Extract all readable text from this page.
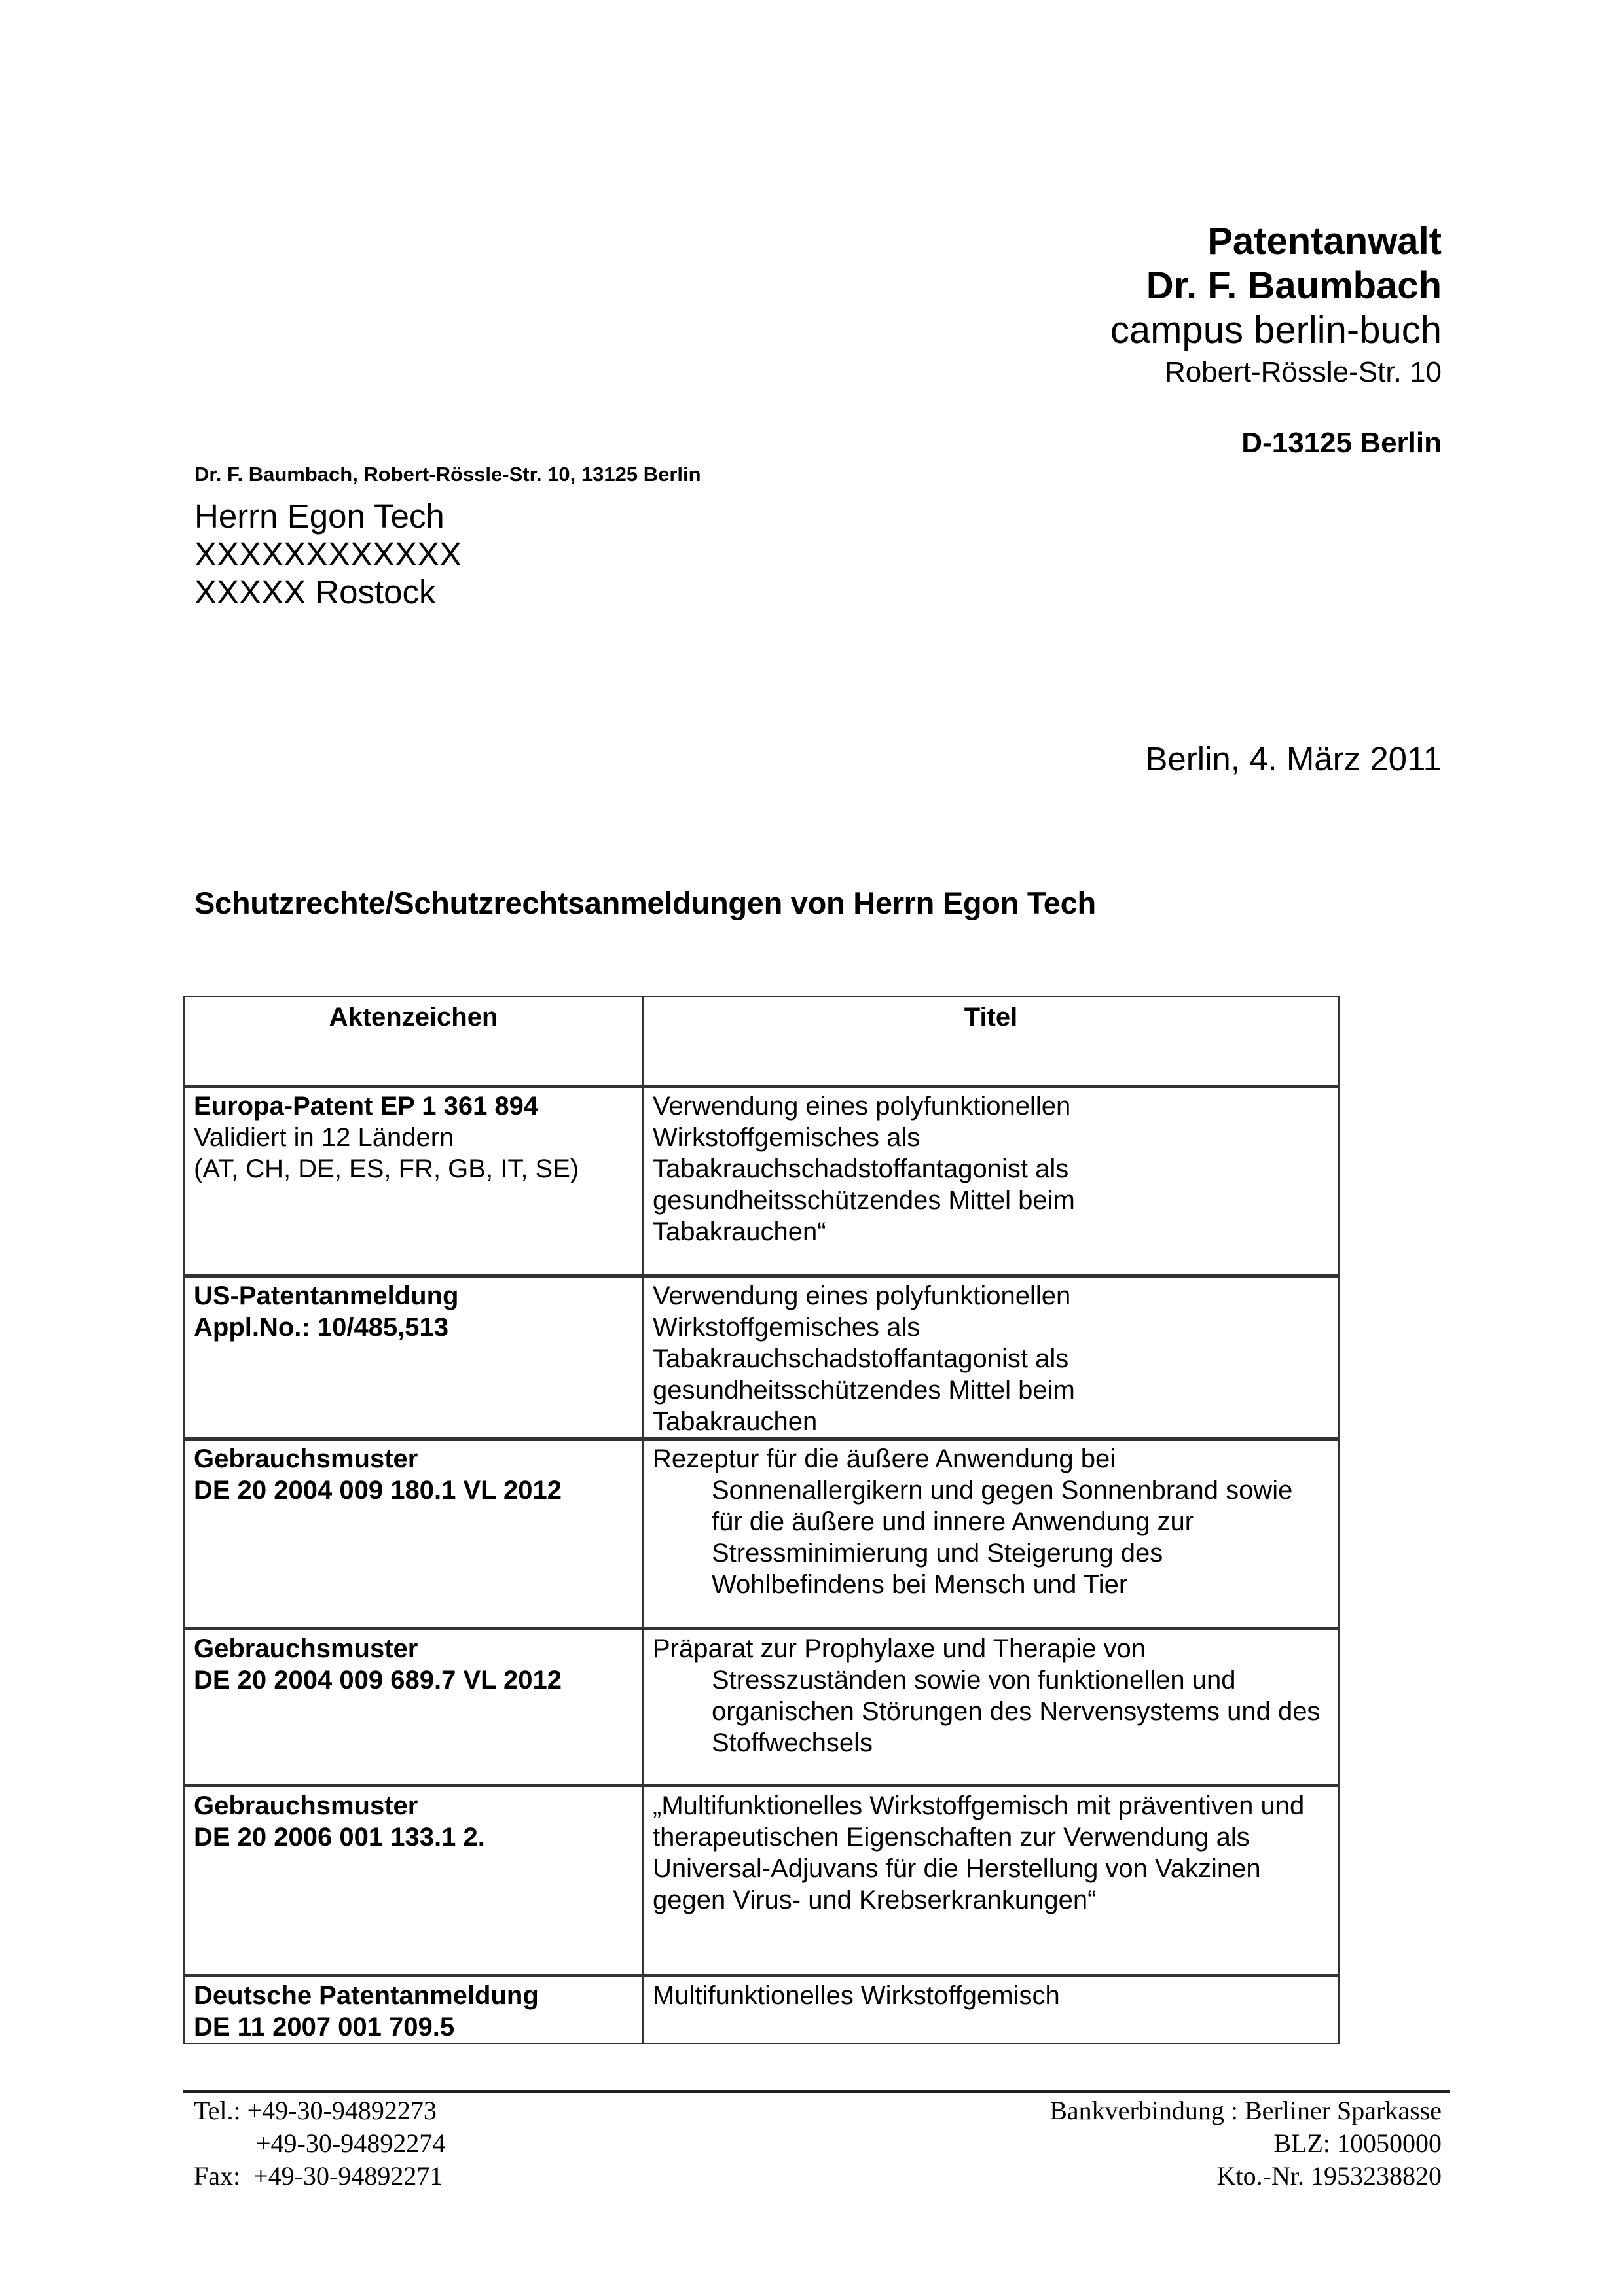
Patentanwalt
Dr. F. Baumbach
campus berlin-buch
Robert-Rössle-Str. 10
D-13125 Berlin
Dr. F. Baumbach, Robert-Rössle-Str. 10, 13125 Berlin
Herrn Egon Tech
XXXXXXXXXXXX
XXXXX Rostock
Berlin, 4. März 2011
Schutzrechte/Schutzrechtsanmeldungen von Herrn Egon Tech
Aktenzeichen	Titel

Europa-Patent EP 1 361 894
Validiert in 12 Ländern
(AT, CH, DE, ES, FR, GB, IT, SE)	Verwendung eines polyfunktionellen Wirkstoffgemisches als Tabakrauchschadstoffantagonist als gesundheitsschützendes Mittel beim Tabakrauchen“

US-Patentanmeldung
Appl.No.: 10/485,513	Verwendung eines polyfunktionellen Wirkstoffgemisches als Tabakrauchschadstoffantagonist als gesundheitsschützendes Mittel beim Tabakrauchen

Gebrauchsmuster
DE 20 2004 009 180.1 VL 2012	Rezeptur für die äußere Anwendung bei Sonnenallergikern und gegen Sonnenbrand sowie für die äußere und innere Anwendung zur Stressminimierung und Steigerung des Wohlbefindens bei Mensch und Tier

Gebrauchsmuster
DE 20 2004 009 689.7 VL 2012	Präparat zur Prophylaxe und Therapie von Stresszuständen sowie von funktionellen und organischen Störungen des Nervensystems und des Stoffwechsels

Gebrauchsmuster
DE 20 2006 001 133.1 2.	„Multifunktionelles Wirkstoffgemisch mit präventiven und therapeutischen Eigenschaften zur Verwendung als Universal-Adjuvans für die Herstellung von Vakzinen gegen Virus- und Krebserkrankungen“

Deutsche Patentanmeldung
DE 11 2007 001 709.5	Multifunktionelles Wirkstoffgemisch
Tel.: +49-30-94892273
+49-30-94892274
Fax: +49-30-94892271
Bankverbindung : Berliner Sparkasse
BLZ: 10050000
Kto.-Nr. 1953238820
